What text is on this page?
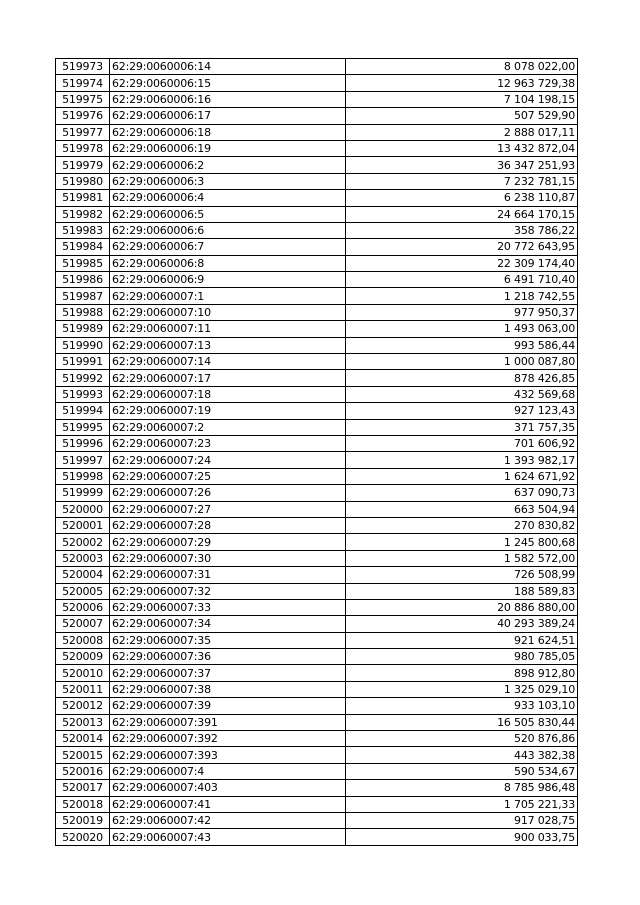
519973	62:29:0060006:14	8 078 022,00
519974	62:29:0060006:15	12 963 729,38
519975	62:29:0060006:16	7 104 198,15
519976	62:29:0060006:17	507 529,90
519977	62:29:0060006:18	2 888 017,11
519978	62:29:0060006:19	13 432 872,04
519979	62:29:0060006:2	36 347 251,93
519980	62:29:0060006:3	7 232 781,15
519981	62:29:0060006:4	6 238 110,87
519982	62:29:0060006:5	24 664 170,15
519983	62:29:0060006:6	358 786,22
519984	62:29:0060006:7	20 772 643,95
519985	62:29:0060006:8	22 309 174,40
519986	62:29:0060006:9	6 491 710,40
519987	62:29:0060007:1	1 218 742,55
519988	62:29:0060007:10	977 950,37
519989	62:29:0060007:11	1 493 063,00
519990	62:29:0060007:13	993 586,44
519991	62:29:0060007:14	1 000 087,80
519992	62:29:0060007:17	878 426,85
519993	62:29:0060007:18	432 569,68
519994	62:29:0060007:19	927 123,43
519995	62:29:0060007:2	371 757,35
519996	62:29:0060007:23	701 606,92
519997	62:29:0060007:24	1 393 982,17
519998	62:29:0060007:25	1 624 671,92
519999	62:29:0060007:26	637 090,73
520000	62:29:0060007:27	663 504,94
520001	62:29:0060007:28	270 830,82
520002	62:29:0060007:29	1 245 800,68
520003	62:29:0060007:30	1 582 572,00
520004	62:29:0060007:31	726 508,99
520005	62:29:0060007:32	188 589,83
520006	62:29:0060007:33	20 886 880,00
520007	62:29:0060007:34	40 293 389,24
520008	62:29:0060007:35	921 624,51
520009	62:29:0060007:36	980 785,05
520010	62:29:0060007:37	898 912,80
520011	62:29:0060007:38	1 325 029,10
520012	62:29:0060007:39	933 103,10
520013	62:29:0060007:391	16 505 830,44
520014	62:29:0060007:392	520 876,86
520015	62:29:0060007:393	443 382,38
520016	62:29:0060007:4	590 534,67
520017	62:29:0060007:403	8 785 986,48
520018	62:29:0060007:41	1 705 221,33
520019	62:29:0060007:42	917 028,75
520020	62:29:0060007:43	900 033,75
